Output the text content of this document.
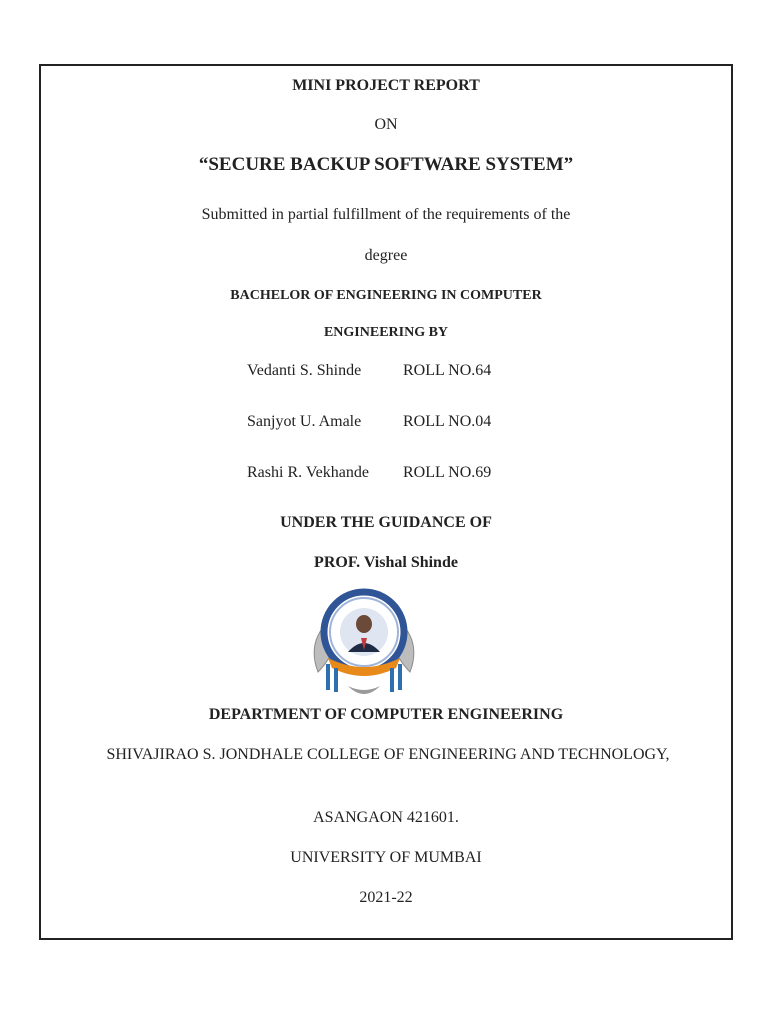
MINI PROJECT REPORT
ON
“SECURE BACKUP SOFTWARE SYSTEM”
Submitted in partial fulfillment of the requirements of the
degree
BACHELOR OF ENGINEERING IN COMPUTER
ENGINEERING BY
Vedanti S. Shinde	ROLL NO.64
Sanjyot U. Amale	ROLL NO.04
Rashi R. Vekhande ROLL NO.69
UNDER THE GUIDANCE OF
PROF. Vishal Shinde
DEPARTMENT OF COMPUTER ENGINEERING
SHIVAJIRAO S. JONDHALE COLLEGE OF ENGINEERING AND TECHNOLOGY,
ASANGAON 421601.
UNIVERSITY OF MUMBAI
2021-22
